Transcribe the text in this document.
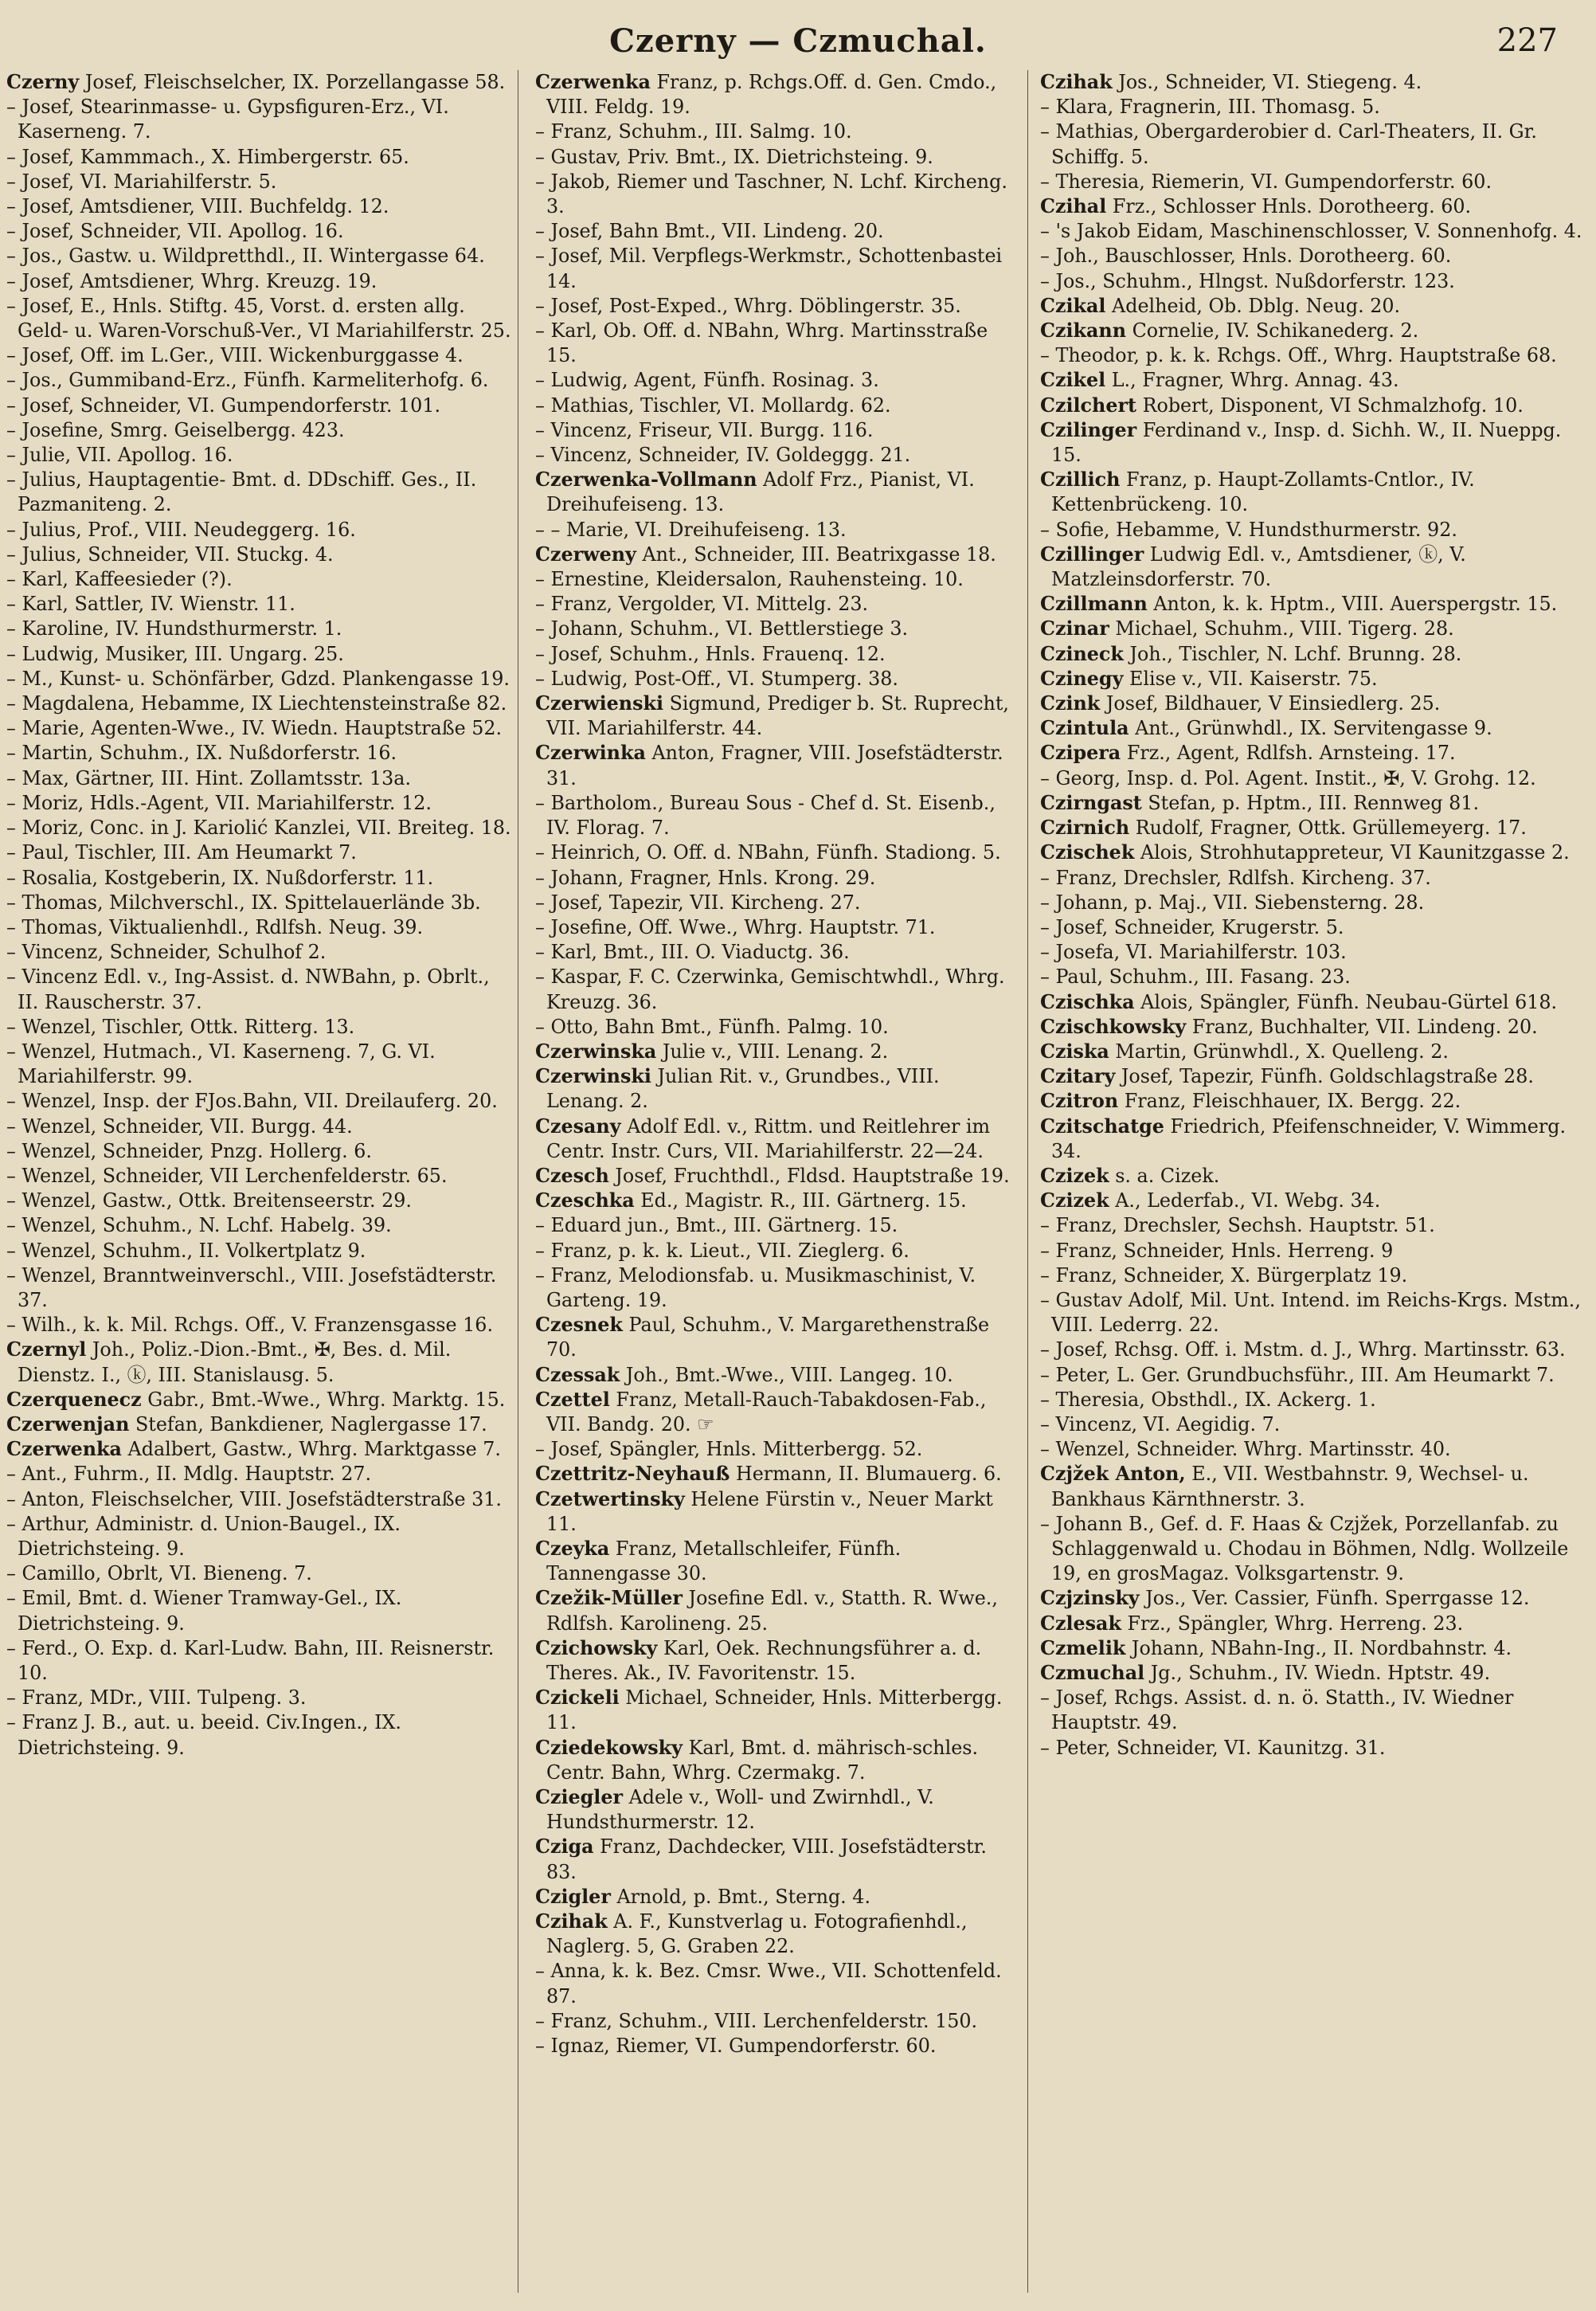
Czerny — Czmuchal.	227
Czerny Josef, Fleischselcher, IX. Porzellangasse 58.
– Josef, Stearinmasse- u. Gypsfiguren-Erz., VI. Kaserneng. 7.
– Josef, Kammmach., X. Himbergerstr. 65.
– Josef, VI. Mariahilferstr. 5.
– Josef, Amtsdiener, VIII. Buchfeldg. 12.
– Josef, Schneider, VII. Apollog. 16.
– Jos., Gastw. u. Wildpretthdl., II. Wintergasse 64.
– Josef, Amtsdiener, Whrg. Kreuzg. 19.
– Josef, E., Hnls. Stiftg. 45, Vorst. d. ersten allg. Geld- u. Waren-Vorschuß-Ver., VI Mariahilferstr. 25.
– Josef, Off. im L.Ger., VIII. Wickenburggasse 4.
– Jos., Gummiband-Erz., Fünfh. Karmeliterhofg. 6.
– Josef, Schneider, VI. Gumpendorferstr. 101.
– Josefine, Smrg. Geiselbergg. 423.
– Julie, VII. Apollog. 16.
– Julius, Hauptagentie- Bmt. d. DDschiff. Ges., II. Pazmaniteng. 2.
– Julius, Prof., VIII. Neudeggerg. 16.
– Julius, Schneider, VII. Stuckg. 4.
– Karl, Kaffeesieder (?).
– Karl, Sattler, IV. Wienstr. 11.
– Karoline, IV. Hundsthurmerstr. 1.
– Ludwig, Musiker, III. Ungarg. 25.
– M., Kunst- u. Schönfärber, Gdzd. Plankengasse 19.
– Magdalena, Hebamme, IX Liechtensteinstraße 82.
– Marie, Agenten-Wwe., IV. Wiedn. Hauptstraße 52.
– Martin, Schuhm., IX. Nußdorferstr. 16.
– Max, Gärtner, III. Hint. Zollamtsstr. 13a.
– Moriz, Hdls.-Agent, VII. Mariahilferstr. 12.
– Moriz, Conc. in J. Kariolić Kanzlei, VII. Breiteg. 18.
– Paul, Tischler, III. Am Heumarkt 7.
– Rosalia, Kostgeberin, IX. Nußdorferstr. 11.
– Thomas, Milchverschl., IX. Spittelauerlände 3b.
– Thomas, Viktualienhdl., Rdlfsh. Neug. 39.
– Vincenz, Schneider, Schulhof 2.
– Vincenz Edl. v., Ing-Assist. d. NWBahn, p. Obrlt., II. Rauscherstr. 37.
– Wenzel, Tischler, Ottk. Ritterg. 13.
– Wenzel, Hutmach., VI. Kaserneng. 7, G. VI. Mariahilferstr. 99.
– Wenzel, Insp. der FJos.Bahn, VII. Dreilauferg. 20.
– Wenzel, Schneider, VII. Burgg. 44.
– Wenzel, Schneider, Pnzg. Hollerg. 6.
– Wenzel, Schneider, VII Lerchenfelderstr. 65.
– Wenzel, Gastw., Ottk. Breitenseerstr. 29.
– Wenzel, Schuhm., N. Lchf. Habelg. 39.
– Wenzel, Schuhm., II. Volkertplatz 9.
– Wenzel, Branntweinverschl., VIII. Josefstädterstr. 37.
– Wilh., k. k. Mil. Rchgs. Off., V. Franzensgasse 16.
Czernyl Joh., Poliz.-Dion.-Bmt., ✠, Bes. d. Mil. Dienstz. I., ⓚ, III. Stanislausg. 5.
Czerquenecz Gabr., Bmt.-Wwe., Whrg. Marktg. 15.
Czerwenjan Stefan, Bankdiener, Naglergasse 17.
Czerwenka Adalbert, Gastw., Whrg. Marktgasse 7.
– Ant., Fuhrm., II. Mdlg. Hauptstr. 27.
– Anton, Fleischselcher, VIII. Josefstädterstraße 31.
– Arthur, Administr. d. Union-Baugel., IX. Dietrichsteing. 9.
– Camillo, Obrlt, VI. Bieneng. 7.
– Emil, Bmt. d. Wiener Tramway-Gel., IX. Dietrichsteing. 9.
– Ferd., O. Exp. d. Karl-Ludw. Bahn, III. Reisnerstr. 10.
– Franz, MDr., VIII. Tulpeng. 3.
– Franz J. B., aut. u. beeid. Civ.Ingen., IX. Dietrichsteing. 9.
Czerwenka Franz, p. Rchgs.Off. d. Gen. Cmdo., VIII. Feldg. 19.
– Franz, Schuhm., III. Salmg. 10.
– Gustav, Priv. Bmt., IX. Dietrichsteing. 9.
– Jakob, Riemer und Taschner, N. Lchf. Kircheng. 3.
– Josef, Bahn Bmt., VII. Lindeng. 20.
– Josef, Mil. Verpflegs-Werkmstr., Schottenbastei 14.
– Josef, Post-Exped., Whrg. Döblingerstr. 35.
– Karl, Ob. Off. d. NBahn, Whrg. Martinsstraße 15.
– Ludwig, Agent, Fünfh. Rosinag. 3.
– Mathias, Tischler, VI. Mollardg. 62.
– Vincenz, Friseur, VII. Burgg. 116.
– Vincenz, Schneider, IV. Goldeggg. 21.
Czerwenka-Vollmann Adolf Frz., Pianist, VI. Dreihufeiseng. 13.
– – Marie, VI. Dreihufeiseng. 13.
Czerweny Ant., Schneider, III. Beatrixgasse 18.
– Ernestine, Kleidersalon, Rauhensteing. 10.
– Franz, Vergolder, VI. Mittelg. 23.
– Johann, Schuhm., VI. Bettlerstiege 3.
– Josef, Schuhm., Hnls. Frauenq. 12.
– Ludwig, Post-Off., VI. Stumperg. 38.
Czerwienski Sigmund, Prediger b. St. Ruprecht, VII. Mariahilferstr. 44.
Czerwinka Anton, Fragner, VIII. Josefstädterstr. 31.
– Bartholom., Bureau Sous - Chef d. St. Eisenb., IV. Florag. 7.
– Heinrich, O. Off. d. NBahn, Fünfh. Stadiong. 5.
– Johann, Fragner, Hnls. Krong. 29.
– Josef, Tapezir, VII. Kircheng. 27.
– Josefine, Off. Wwe., Whrg. Hauptstr. 71.
– Karl, Bmt., III. O. Viaductg. 36.
– Kaspar, F. C. Czerwinka, Gemischtwhdl., Whrg. Kreuzg. 36.
– Otto, Bahn Bmt., Fünfh. Palmg. 10.
Czerwinska Julie v., VIII. Lenang. 2.
Czerwinski Julian Rit. v., Grundbes., VIII. Lenang. 2.
Czesany Adolf Edl. v., Rittm. und Reitlehrer im Centr. Instr. Curs, VII. Mariahilferstr. 22—24.
Czesch Josef, Fruchthdl., Fldsd. Hauptstraße 19.
Czeschka Ed., Magistr. R., III. Gärtnerg. 15.
– Eduard jun., Bmt., III. Gärtnerg. 15.
– Franz, p. k. k. Lieut., VII. Zieglerg. 6.
– Franz, Melodionsfab. u. Musikmaschinist, V. Garteng. 19.
Czesnek Paul, Schuhm., V. Margarethenstraße 70.
Czessak Joh., Bmt.-Wwe., VIII. Langeg. 10.
Czettel Franz, Metall-Rauch-Tabakdosen-Fab., VII. Bandg. 20. ☞
– Josef, Spängler, Hnls. Mitterbergg. 52.
Czettritz-Neyhauß Hermann, II. Blumauerg. 6.
Czetwertinsky Helene Fürstin v., Neuer Markt 11.
Czeyka Franz, Metallschleifer, Fünfh. Tannengasse 30.
Czežik-Müller Josefine Edl. v., Statth. R. Wwe., Rdlfsh. Karolineng. 25.
Czichowsky Karl, Oek. Rechnungsführer a. d. Theres. Ak., IV. Favoritenstr. 15.
Czickeli Michael, Schneider, Hnls. Mitterbergg. 11.
Cziedekowsky Karl, Bmt. d. mährisch-schles. Centr. Bahn, Whrg. Czermakg. 7.
Cziegler Adele v., Woll- und Zwirnhdl., V. Hundsthurmerstr. 12.
Cziga Franz, Dachdecker, VIII. Josefstädterstr. 83.
Czigler Arnold, p. Bmt., Sterng. 4.
Czihak A. F., Kunstverlag u. Fotografienhdl., Naglerg. 5, G. Graben 22.
– Anna, k. k. Bez. Cmsr. Wwe., VII. Schottenfeld. 87.
– Franz, Schuhm., VIII. Lerchenfelderstr. 150.
– Ignaz, Riemer, VI. Gumpendorferstr. 60.
Czihak Jos., Schneider, VI. Stiegeng. 4.
– Klara, Fragnerin, III. Thomasg. 5.
– Mathias, Obergarderobier d. Carl-Theaters, II. Gr. Schiffg. 5.
– Theresia, Riemerin, VI. Gumpendorferstr. 60.
Czihal Frz., Schlosser Hnls. Dorotheerg. 60.
– 's Jakob Eidam, Maschinenschlosser, V. Sonnenhofg. 4.
– Joh., Bauschlosser, Hnls. Dorotheerg. 60.
– Jos., Schuhm., Hlngst. Nußdorferstr. 123.
Czikal Adelheid, Ob. Dblg. Neug. 20.
Czikann Cornelie, IV. Schikanederg. 2.
– Theodor, p. k. k. Rchgs. Off., Whrg. Hauptstraße 68.
Czikel L., Fragner, Whrg. Annag. 43.
Czilchert Robert, Disponent, VI Schmalzhofg. 10.
Czilinger Ferdinand v., Insp. d. Sichh. W., II. Nueppg. 15.
Czillich Franz, p. Haupt-Zollamts-Cntlor., IV. Kettenbrückeng. 10.
– Sofie, Hebamme, V. Hundsthurmerstr. 92.
Czillinger Ludwig Edl. v., Amtsdiener, ⓚ, V. Matzleinsdorferstr. 70.
Czillmann Anton, k. k. Hptm., VIII. Auerspergstr. 15.
Czinar Michael, Schuhm., VIII. Tigerg. 28.
Czineck Joh., Tischler, N. Lchf. Brunng. 28.
Czinegy Elise v., VII. Kaiserstr. 75.
Czink Josef, Bildhauer, V Einsiedlerg. 25.
Czintula Ant., Grünwhdl., IX. Servitengasse 9.
Czipera Frz., Agent, Rdlfsh. Arnsteing. 17.
– Georg, Insp. d. Pol. Agent. Instit., ✠, V. Grohg. 12.
Czirngast Stefan, p. Hptm., III. Rennweg 81.
Czirnich Rudolf, Fragner, Ottk. Grüllemeyerg. 17.
Czischek Alois, Strohhutappreteur, VI Kaunitzgasse 2.
– Franz, Drechsler, Rdlfsh. Kircheng. 37.
– Johann, p. Maj., VII. Siebensterng. 28.
– Josef, Schneider, Krugerstr. 5.
– Josefa, VI. Mariahilferstr. 103.
– Paul, Schuhm., III. Fasang. 23.
Czischka Alois, Spängler, Fünfh. Neubau-Gürtel 618.
Czischkowsky Franz, Buchhalter, VII. Lindeng. 20.
Cziska Martin, Grünwhdl., X. Quelleng. 2.
Czitary Josef, Tapezir, Fünfh. Goldschlagstraße 28.
Czitron Franz, Fleischhauer, IX. Bergg. 22.
Czitschatge Friedrich, Pfeifenschneider, V. Wimmerg. 34.
Czizek s. a. Cizek.
Czizek A., Lederfab., VI. Webg. 34.
– Franz, Drechsler, Sechsh. Hauptstr. 51.
– Franz, Schneider, Hnls. Herreng. 9
– Franz, Schneider, X. Bürgerplatz 19.
– Gustav Adolf, Mil. Unt. Intend. im Reichs-Krgs. Mstm., VIII. Lederrg. 22.
– Josef, Rchsg. Off. i. Mstm. d. J., Whrg. Martinsstr. 63.
– Peter, L. Ger. Grundbuchsführ., III. Am Heumarkt 7.
– Theresia, Obsthdl., IX. Ackerg. 1.
– Vincenz, VI. Aegidig. 7.
– Wenzel, Schneider. Whrg. Martinsstr. 40.
Czjžek Anton, E., VII. Westbahnstr. 9, Wechsel- u. Bankhaus Kärnthnerstr. 3.
– Johann B., Gef. d. F. Haas & Czjžek, Porzellanfab. zu Schlaggenwald u. Chodau in Böhmen, Ndlg. Wollzeile 19, en grosMagaz. Volksgartenstr. 9.
Czjzinsky Jos., Ver. Cassier, Fünfh. Sperrgasse 12.
Czlesak Frz., Spängler, Whrg. Herreng. 23.
Czmelik Johann, NBahn-Ing., II. Nordbahnstr. 4.
Czmuchal Jg., Schuhm., IV. Wiedn. Hptstr. 49.
– Josef, Rchgs. Assist. d. n. ö. Statth., IV. Wiedner Hauptstr. 49.
– Peter, Schneider, VI. Kaunitzg. 31.
